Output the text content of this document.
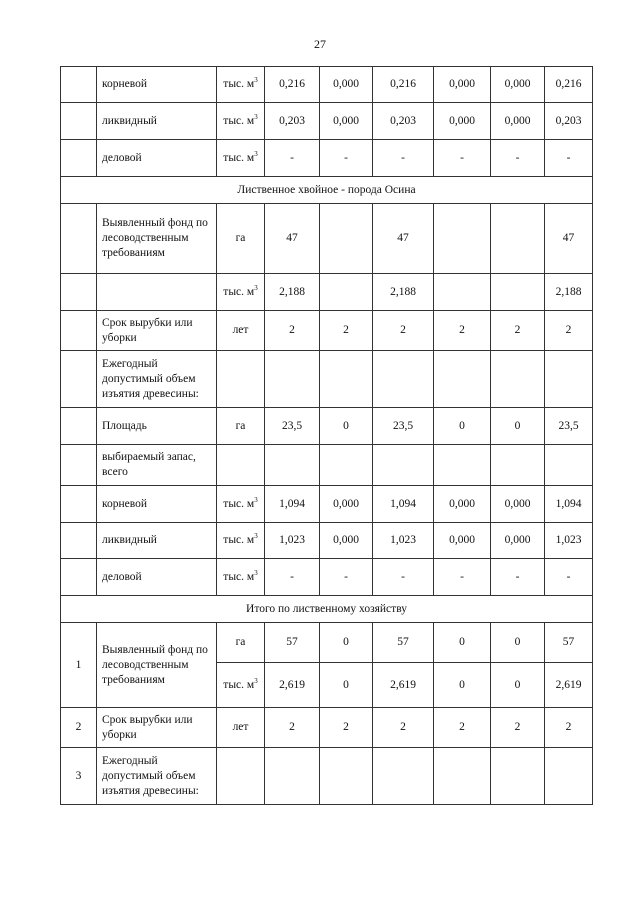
27
	корневой	тыс. $м^3$	0,216	0,000	0,216	0,000	0,000	0,216
	ликвидный	тыс. $м^3$	0,203	0,000	0,203	0,000	0,000	0,203
	деловой	тыс. $м^3$	-	-	-	-	-	-
Лиственное хвойное - порода Осина								
	Выявленный фонд по лесоводственным требованиям	га	47		47			47
		тыс. $м^3$	2,188		2,188			2,188
	Срок вырубки или уборки	лет	2	2	2	2	2	2
	Ежегодный допустимый объем изъятия древесины:							
	Площадь	га	23,5	0	23,5	0	0	23,5
	выбираемый запас, всего							
	корневой	тыс. $м^3$	1,094	0,000	1,094	0,000	0,000	1,094
	ликвидный	тыс. $м^3$	1,023	0,000	1,023	0,000	0,000	1,023
	деловой	тыс. $м^3$	-	-	-	-	-	-
Итого по лиственному хозяйству								
1	Выявленный фонд по лесоводственным требованиям	га	57	0	57	0	0	57
		тыс. $м^3$	2,619	0	2,619	0	0	2,619
2	Срок вырубки или уборки	лет	2	2	2	2	2	2
3	Ежегодный допустимый объем изъятия древесины:							
